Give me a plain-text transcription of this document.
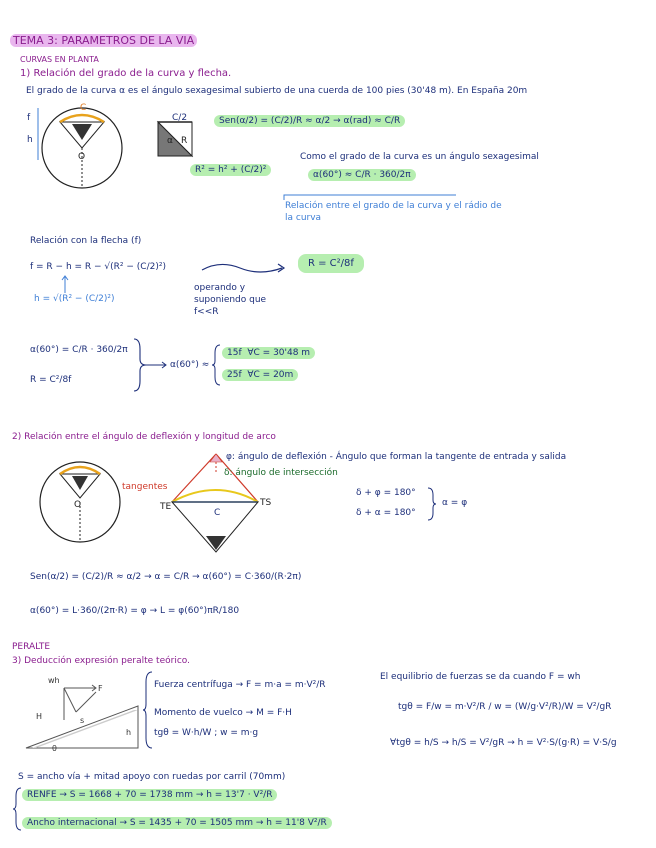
TEMA 3: PARAMETROS DE LA VIA
CURVAS EN PLANTA
1) Relación del grado de la curva y flecha.
El grado de la curva α es el ángulo sexagesimal subierto de una cuerda de 100 pies (30'48 m). En España 20m
f
h
C
O
C/2
R
α
Sen(α/2) = (C/2)/R ≈ α/2 → α(rad) ≈ C/R
R² = h² + (C/2)²
Como el grado de la curva es un ángulo sexagesimal
α(60°) ≈ C/R · 360/2π
Relación entre el grado de la curva y el rádio de la curva
Relación con la flecha (f)
f = R − h = R − √(R² − (C/2)²)
h = √(R² − (C/2)²)
operando y suponiendo que f<<R
R = C²/8f
α(60°) = C/R · 360/2π
R = C²/8f
α(60°) ≈
15f ∀C = 30'48 m
25f ∀C = 20m
2) Relación entre el ángulo de deflexión y longitud de arco
O
tangentes
TE	TS
C
φ: ángulo de deflexión - Ángulo que forman la tangente de entrada y salida
δ: ángulo de intersección
δ + φ = 180°
δ + α = 180°
α = φ
Sen(α/2) = (C/2)/R ≈ α/2 → α = C/R → α(60°) = C·360/(R·2π)
α(60°) = L·360/(2π·R) = φ → L = φ(60°)πR/180
PERALTE
3) Deducción expresión peralte teórico.
wh
F
H	s
h
θ
Fuerza centrífuga → F = m·a = m·V²/R
Momento de vuelco → M = F·H
tgθ = W·h/W ; w = m·g
El equilibrio de fuerzas se da cuando F = wh
tgθ = F/w = m·V²/R / w = (W/g·V²/R)/W = V²/gR
∀tgθ = h/S → h/S = V²/gR → h = V²·S/(g·R) = V·S/g
S = ancho vía + mitad apoyo con ruedas por carril (70mm)
RENFE → S = 1668 + 70 = 1738 mm → h = 13'7 · V²/R
Ancho internacional → S = 1435 + 70 = 1505 mm → h = 11'8 V²/R
